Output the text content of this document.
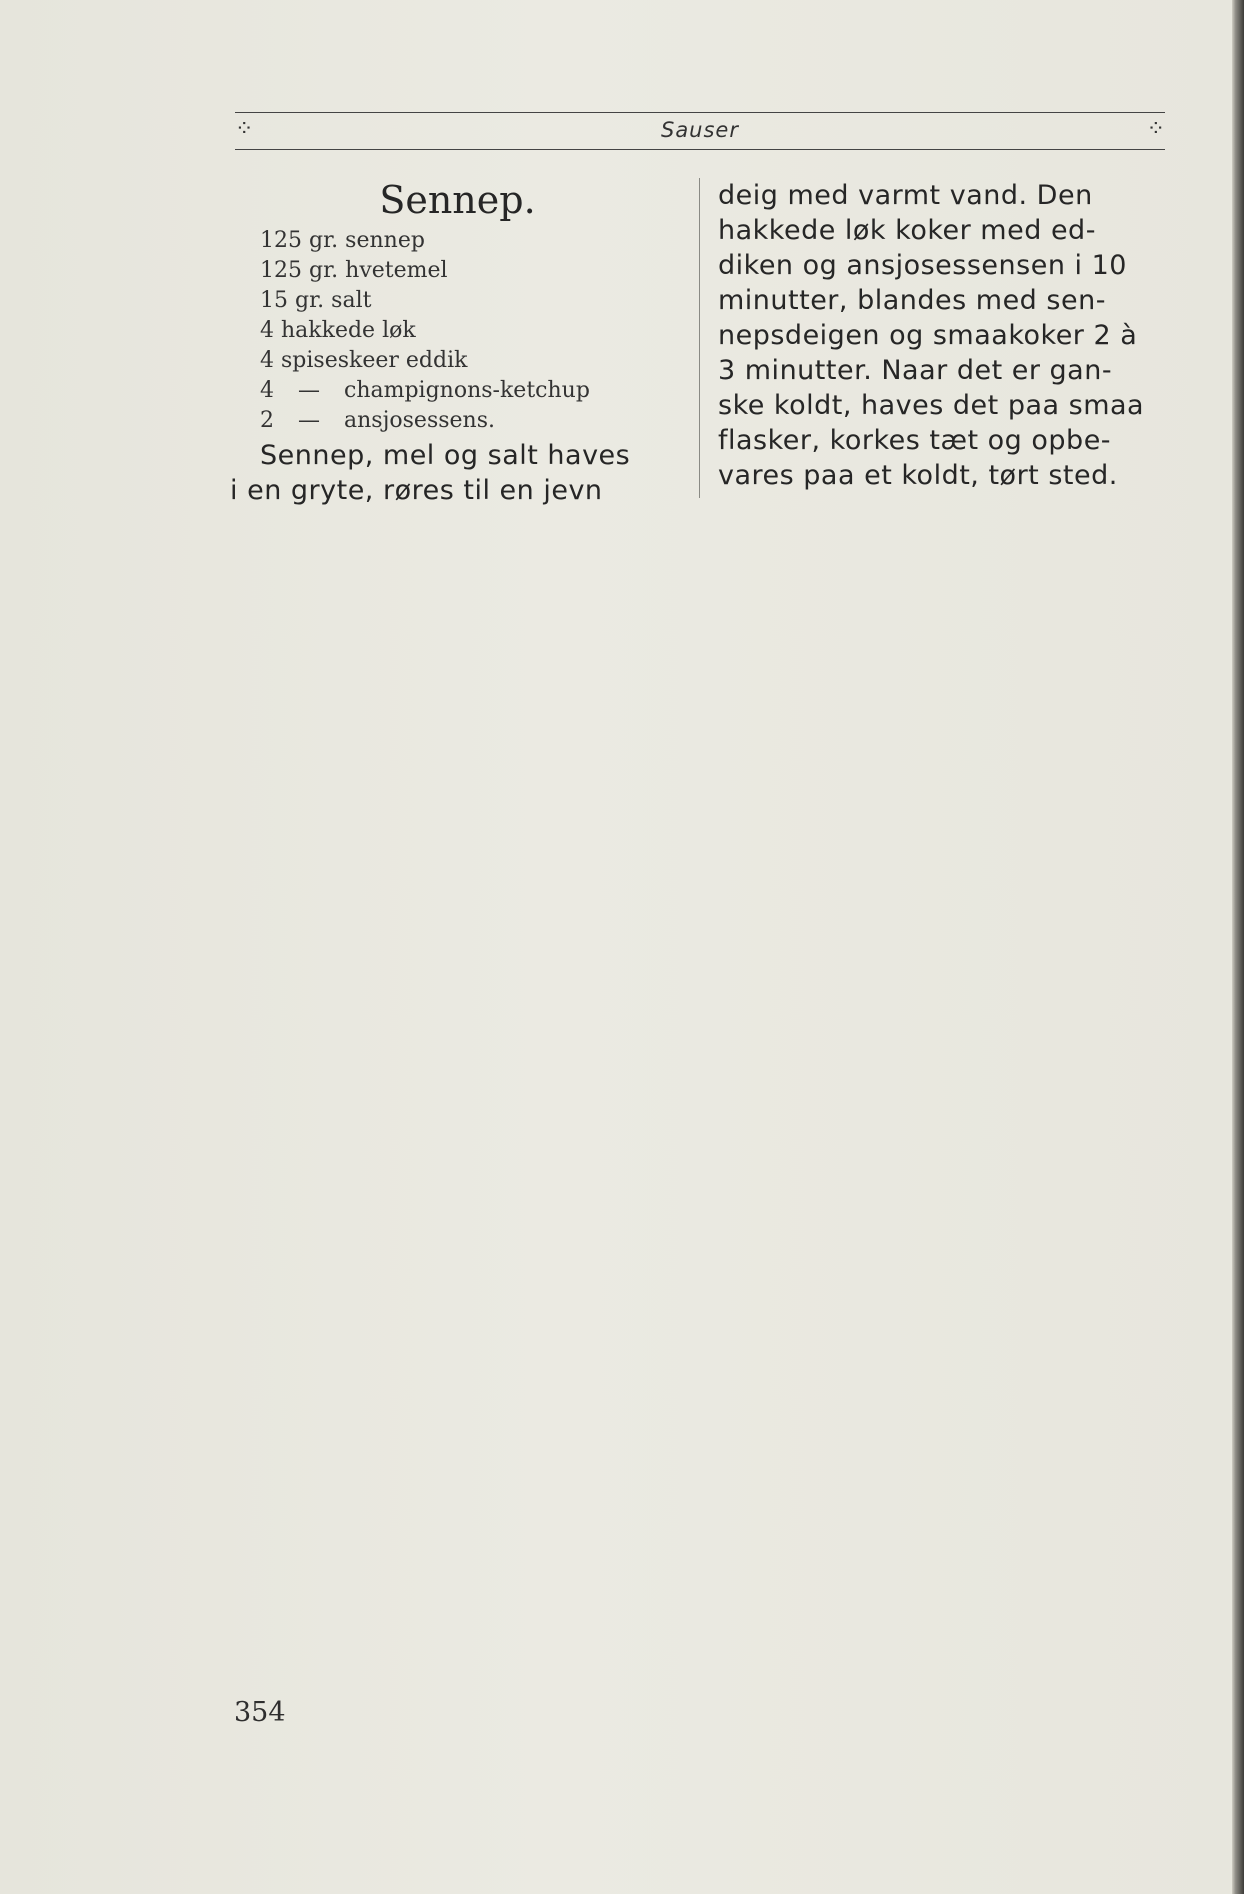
⁘	Sauser	⁘
Sennep.
125 gr. sennep
125 gr. hvetemel
15 gr. salt
4 hakkede løk
4 spiseskeer eddik
4 — champignons-ketchup
2 — ansjosessens.

Sennep, mel og salt haves
i en gryte, røres til en jevn

deig med varmt vand. Den
hakkede løk koker med ed-
diken og ansjosessensen i 10
minutter, blandes med sen-
nepsdeigen og smaakoker 2 à
3 minutter. Naar det er gan-
ske koldt, haves det paa smaa
flasker, korkes tæt og opbe-
vares paa et koldt, tørt sted.

354
